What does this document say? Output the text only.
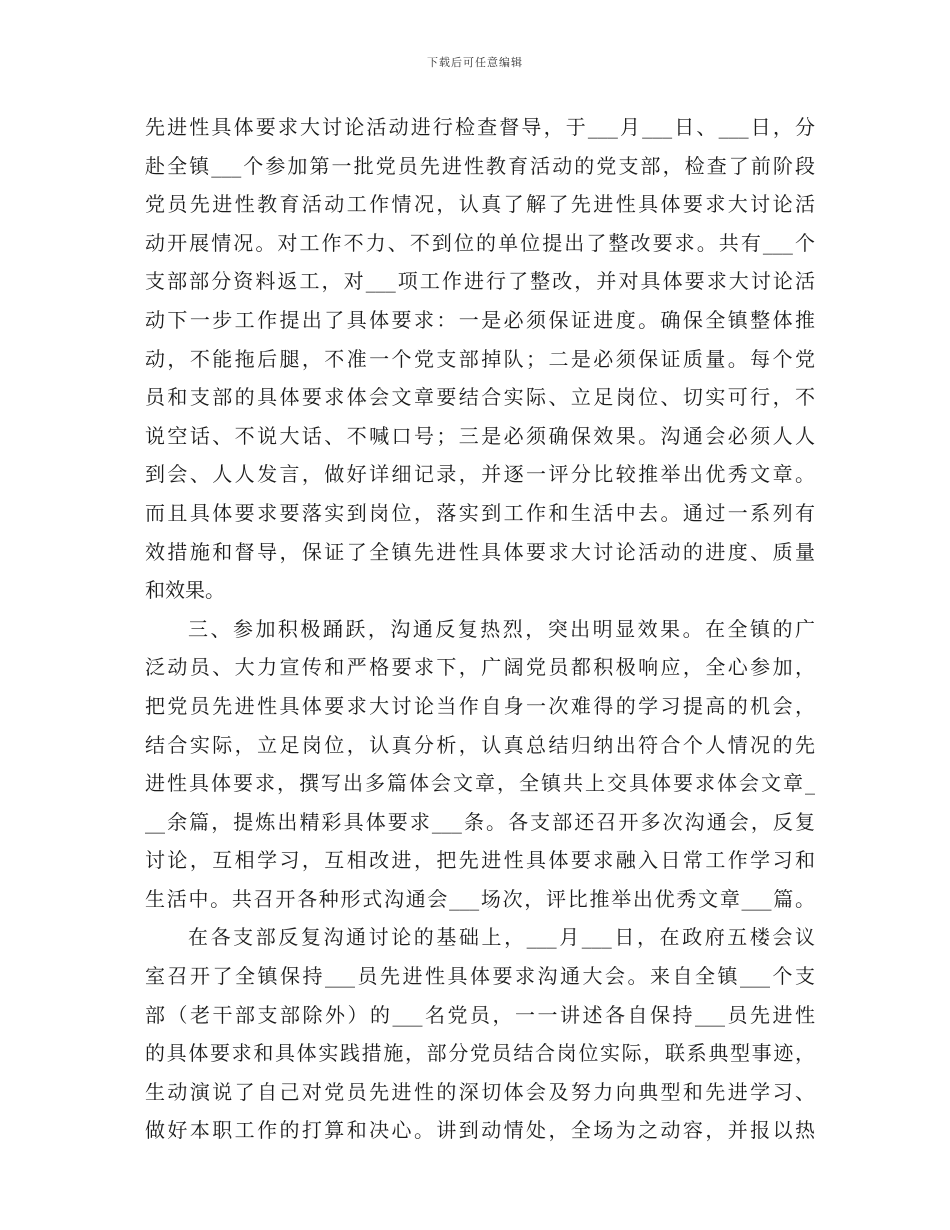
下载后可任意编辑
先进性具体要求大讨论活动进行检查督导，于___月___日、___日，分
赴全镇___个参加第一批党员先进性教育活动的党支部，检查了前阶段
党员先进性教育活动工作情况，认真了解了先进性具体要求大讨论活
动开展情况。对工作不力、不到位的单位提出了整改要求。共有___个
支部部分资料返工，对___项工作进行了整改，并对具体要求大讨论活
动下一步工作提出了具体要求：一是必须保证进度。确保全镇整体推
动，不能拖后腿，不准一个党支部掉队；二是必须保证质量。每个党
员和支部的具体要求体会文章要结合实际、立足岗位、切实可行，不
说空话、不说大话、不喊口号；三是必须确保效果。沟通会必须人人
到会、人人发言，做好详细记录，并逐一评分比较推举出优秀文章。
而且具体要求要落实到岗位，落实到工作和生活中去。通过一系列有
效措施和督导，保证了全镇先进性具体要求大讨论活动的进度、质量
和效果。
三、参加积极踊跃，沟通反复热烈，突出明显效果。在全镇的广
泛动员、大力宣传和严格要求下，广阔党员都积极响应，全心参加，
把党员先进性具体要求大讨论当作自身一次难得的学习提高的机会，
结合实际，立足岗位，认真分析，认真总结归纳出符合个人情况的先
进性具体要求，撰写出多篇体会文章，全镇共上交具体要求体会文章_
__余篇，提炼出精彩具体要求___条。各支部还召开多次沟通会，反复
讨论，互相学习，互相改进，把先进性具体要求融入日常工作学习和
生活中。共召开各种形式沟通会___场次，评比推举出优秀文章___篇。
在各支部反复沟通讨论的基础上，___月___日，在政府五楼会议
室召开了全镇保持___员先进性具体要求沟通大会。来自全镇___个支
部（老干部支部除外）的___名党员，一一讲述各自保持___员先进性
的具体要求和具体实践措施，部分党员结合岗位实际，联系典型事迹，
生动演说了自己对党员先进性的深切体会及努力向典型和先进学习、
做好本职工作的打算和决心。讲到动情处，全场为之动容，并报以热
